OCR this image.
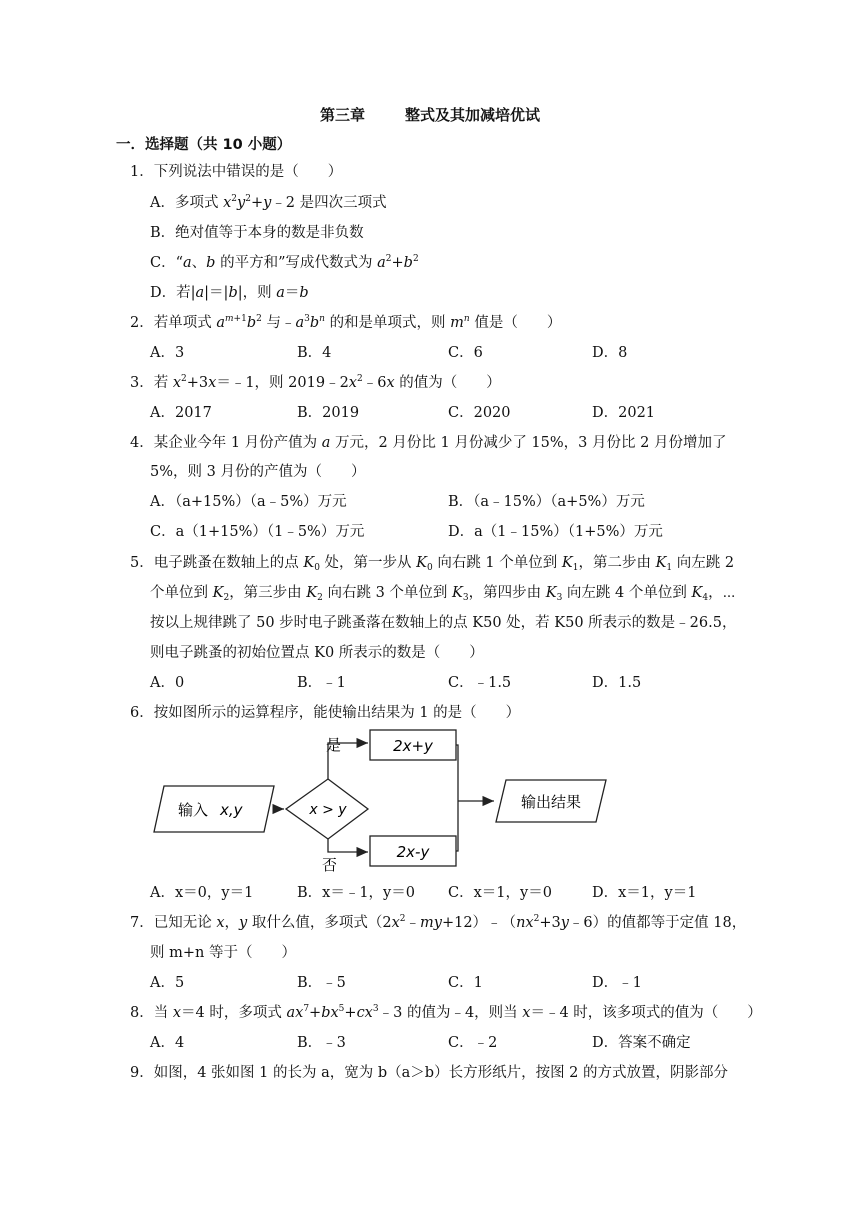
第三章	整式及其加减培优试
一．选择题（共 10 小题）
1．下列说法中错误的是（　　）
A．多项式 $x^2y^2+y﹣2$ 是四次三项式
B．绝对值等于本身的数是非负数
C．“a、b 的平方和”写成代数式为 $a^2+b^2$
D．若|a|＝|b|，则 a＝b
2．若单项式 $a^{m+1}b^2$ 与$﹣a^3b^n$ 的和是单项式，则 $m^n$ 值是（　　）
A．3	B．4	C．6	D．8
3．若 $x^2+3x=﹣1$，则 $2019﹣2x^2﹣6x$ 的值为（　　）
A．2017	B．2019	C．2020	D．2021
4．某企业今年 1 月份产值为 a 万元，2 月份比 1 月份减少了 15%，3 月份比 2 月份增加了
5%，则 3 月份的产值为（　　）
A．（a+15%）（a﹣5%）万元	B．（a﹣15%）（a+5%）万元
C．a（1+15%）（1﹣5%）万元	D．a（1﹣15%）（1+5%）万元
5．电子跳蚤在数轴上的点 $K_0$ 处，第一步从 $K_0$ 向右跳 1 个单位到 $K_1$，第二步由 $K_1$ 向左跳 2
个单位到 $K_2$，第三步由 $K_2$ 向右跳 3 个单位到 $K_3$，第四步由 $K_3$ 向左跳 4 个单位到 $K_4$，⋯
按以上规律跳了 50 步时电子跳蚤落在数轴上的点 K50 处，若 K50 所表示的数是﹣26.5，
则电子跳蚤的初始位置点 K0 所表示的数是（　　）
A．0	B．﹣1	C．﹣1.5	D．1.5
6．按如图所示的运算程序，能使输出结果为 1 的是（　　）
输入 x,y	x > y
是
否
2x+y
2x-y
输出结果
A．x＝0，y＝1	B．x＝﹣1，y＝0 C．x＝1，y＝0	D．x＝1，y＝1
7．已知无论 x，y 取什么值，多项式$(2x^2﹣my+12)﹣(nx^2+3y﹣6)$的值都等于定值 18，
则 m+n 等于（　　）
A．5	B．﹣5	C．1	D．﹣1
8．当 x＝4 时，多项式 $ax^7+bx^5+cx^3﹣3$ 的值为﹣4，则当 x＝﹣4 时，该多项式的值为（　　）
A．4	B．﹣3	C．﹣2	D．答案不确定
9．如图，4 张如图 1 的长为 a，宽为 b（a＞b）长方形纸片，按图 2 的方式放置，阴影部分
